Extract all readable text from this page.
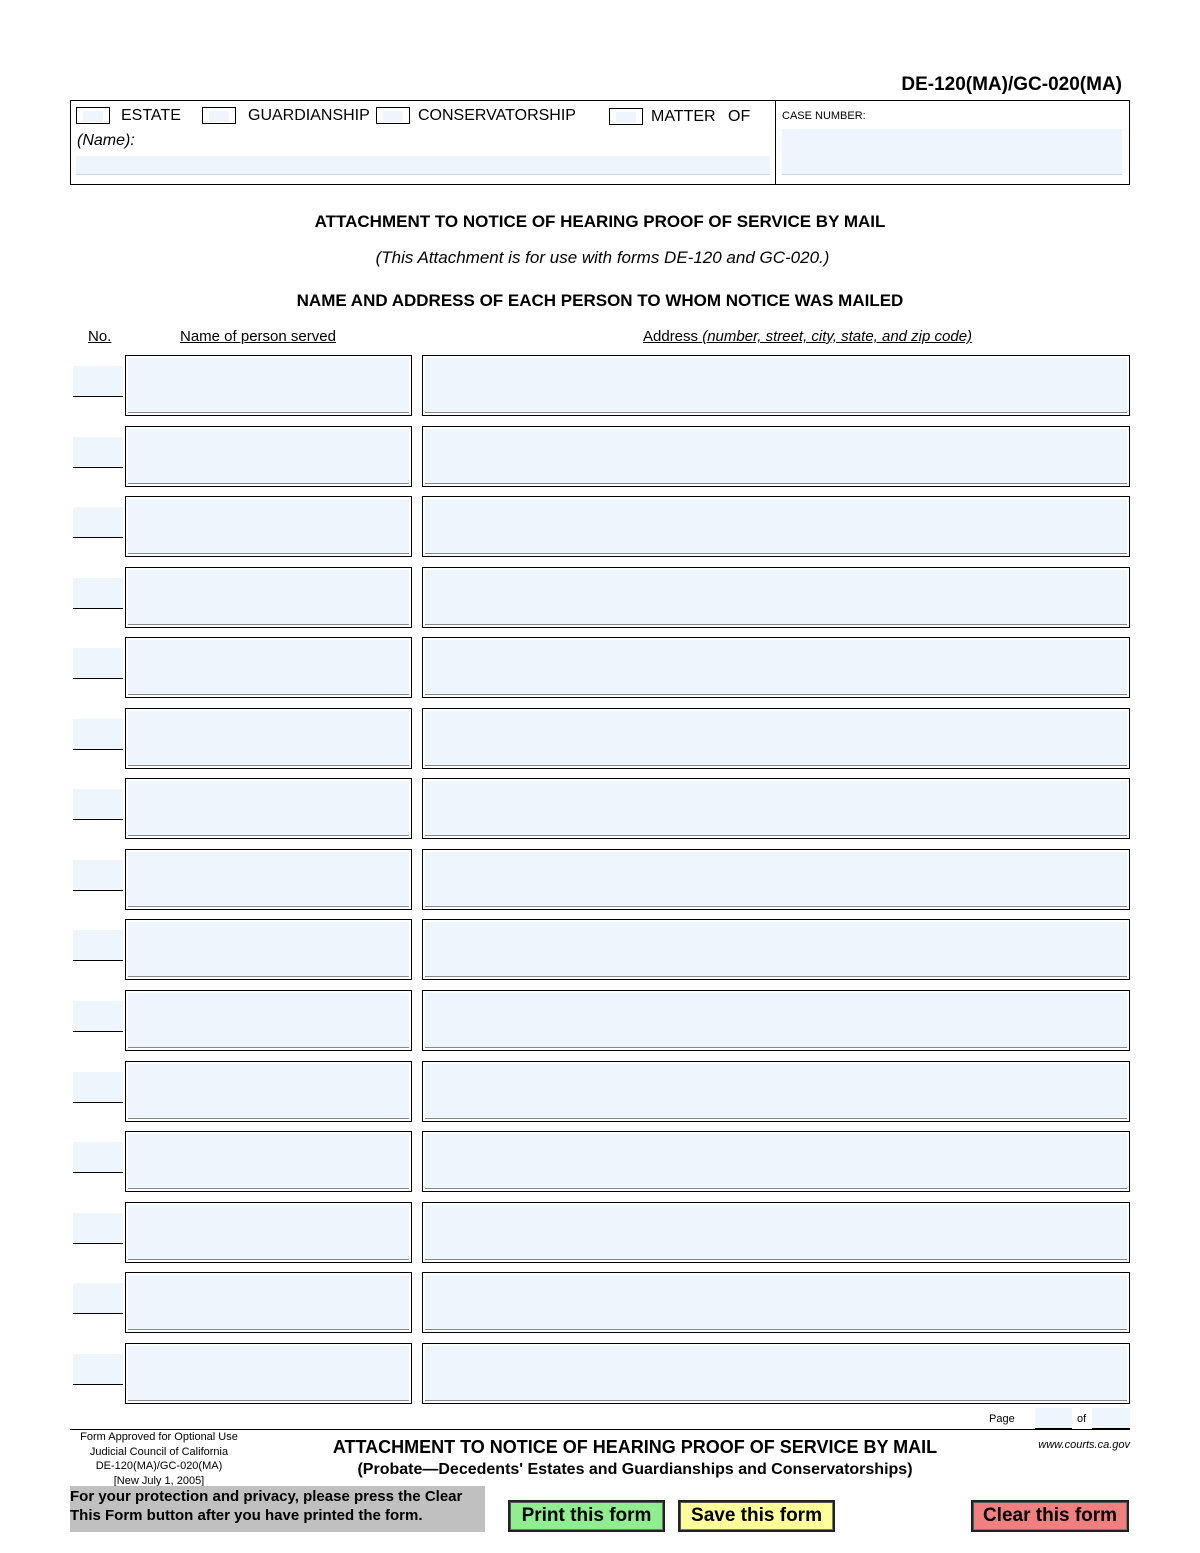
DE-120(MA)/GC-020(MA)
ESTATE	GUARDIANSHIP	CONSERVATORSHIP	MATTER OF
(Name):
CASE NUMBER:
ATTACHMENT TO NOTICE OF HEARING PROOF OF SERVICE BY MAIL
(This Attachment is for use with forms DE-120 and GC-020.)
NAME AND ADDRESS OF EACH PERSON TO WHOM NOTICE WAS MAILED
No.	Name of person served	Address (number, street, city, state, and zip code)
Page	of
Form Approved for Optional Use
Judicial Council of California
DE-120(MA)/GC-020(MA)
[New July 1, 2005]
ATTACHMENT TO NOTICE OF HEARING PROOF OF SERVICE BY MAIL
(Probate—Decedents' Estates and Guardianships and Conservatorships)
www.courts.ca.gov
For your protection and privacy, please press the Clear
This Form button after you have printed the form.	Print this form	Save this form	Clear this form
